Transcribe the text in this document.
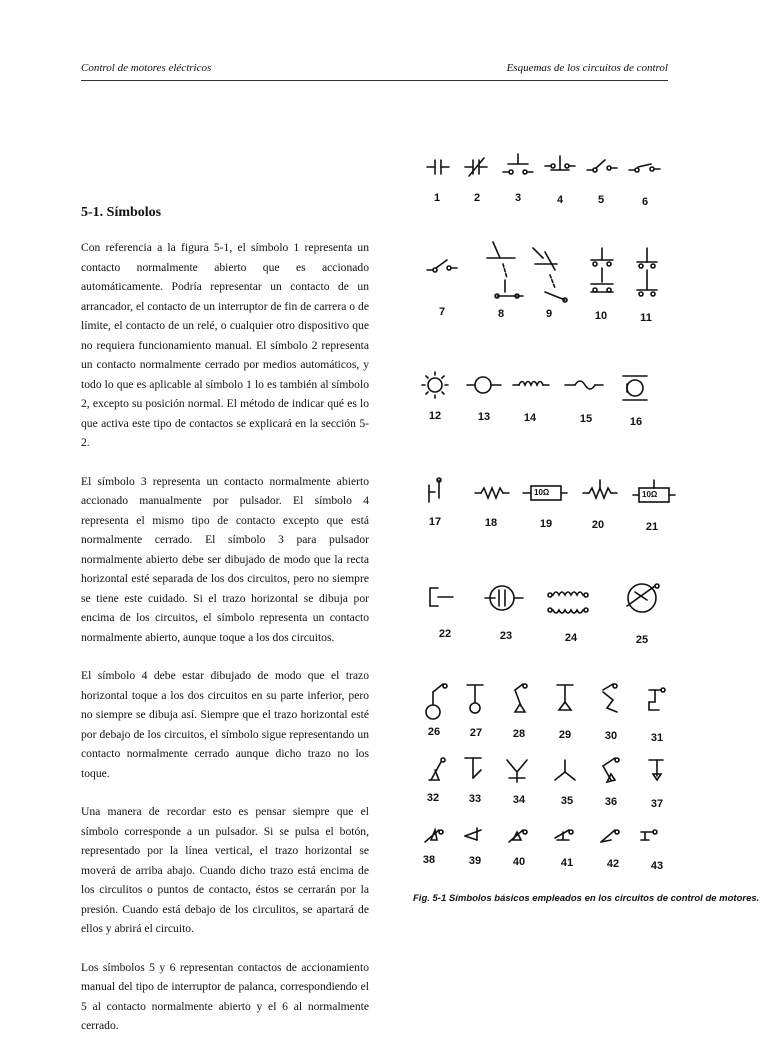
Control de motores eléctricos	Esquemas de los circuitos de control
5-1. Símbolos

Con referencia a la figura 5-1, el símbolo 1 representa un contacto normalmente abierto que es accionado automáticamente. Podría representar un contacto de un arrancador, el contacto de un interruptor de fin de carrera o de límite, el contacto de un relé, o cualquier otro dispositivo que no requiera funcionamiento manual. El símbolo 2 representa un contacto normalmente cerrado por medios automáticos, y todo lo que es aplicable al símbolo 1 lo es también al símbolo 2, excepto su posición normal. El método de indicar qué es lo que activa este tipo de contactos se explicará en la sección 5-2.

El símbolo 3 representa un contacto normalmente abierto accionado manualmente por pulsador. El símbolo 4 representa el mismo tipo de contacto excepto que está normalmente cerrado. El símbolo 3 para pulsador normalmente abierto debe ser dibujado de modo que la recta horizontal esté separada de los dos circuitos, pero no siempre se tiene este cuidado. Si el trazo horizontal se dibuja por encima de los circuitos, el símbolo representa un contacto normalmente abierto, aunque toque a los dos circuitos.

El símbolo 4 debe estar dibujado de modo que el trazo horizontal toque a los dos circuitos en su parte inferior, pero no siempre se dibuja así. Siempre que el trazo horizontal esté por debajo de los circuitos, el símbolo sigue representando un contacto normalmente cerrado aunque dicho trazo no los toque.

Una manera de recordar esto es pensar siempre que el símbolo corresponde a un pulsador. Si se pulsa el botón, representado por la línea vertical, el trazo horizontal se moverá de arriba abajo. Cuando dicho trazo está encima de los circulitos o puntos de contacto, éstos se cerrarán por la presión. Cuando está debajo de los circulitos, se apartará de ellos y abrirá el circuito.

Los símbolos 5 y 6 representan contactos de accionamiento manual del tipo de interruptor de palanca, correspondiendo el 5 al contacto normalmente abierto y el 6 al normalmente cerrado.

10Ω	10Ω
1	2	3	4	5	6
7	8	9	10	11
12	13	14	15	16
17	18	19	20	21
22	23	24	25
26	27	28	29	30	31
32	33	34	35	36	37
38	39	40	41	42	43
Fig. 5-1 Símbolos básicos empleados en los circuitos de control de motores.
